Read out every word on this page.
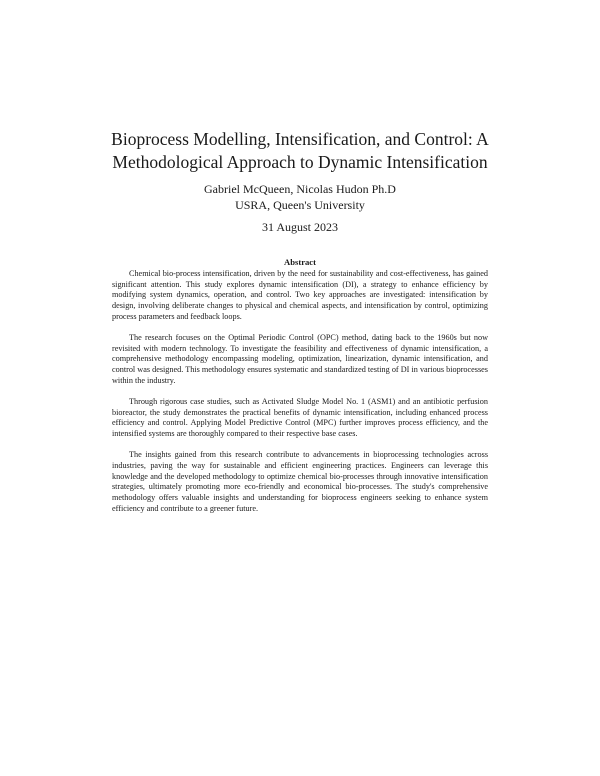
Bioprocess Modelling, Intensification, and Control: A
Methodological Approach to Dynamic Intensification
Gabriel McQueen, Nicolas Hudon Ph.D
USRA, Queen's University
31 August 2023
Abstract

Chemical bio-process intensification, driven by the need for sustainability and cost-effectiveness, has gained significant attention. This study explores dynamic intensification (DI), a strategy to enhance efficiency by modifying system dynamics, operation, and control. Two key approaches are investigated: intensification by design, involving deliberate changes to physical and chemical aspects, and intensification by control, optimizing process parameters and feedback loops.

The research focuses on the Optimal Periodic Control (OPC) method, dating back to the 1960s but now revisited with modern technology. To investigate the feasibility and effectiveness of dynamic intensification, a comprehensive methodology encompassing modeling, optimization, linearization, dynamic intensification, and control was designed. This methodology ensures systematic and standardized testing of DI in various bioprocesses within the industry.

Through rigorous case studies, such as Activated Sludge Model No. 1 (ASM1) and an antibiotic perfusion bioreactor, the study demonstrates the practical benefits of dynamic intensification, including enhanced process efficiency and control. Applying Model Predictive Control (MPC) further improves process efficiency, and the intensified systems are thoroughly compared to their respective base cases.

The insights gained from this research contribute to advancements in bioprocessing technologies across industries, paving the way for sustainable and efficient engineering practices. Engineers can leverage this knowledge and the developed methodology to optimize chemical bio-processes through innovative intensification strategies, ultimately promoting more eco-friendly and economical bio-processes. The study's comprehensive methodology offers valuable insights and understanding for bioprocess engineers seeking to enhance system efficiency and contribute to a greener future.
